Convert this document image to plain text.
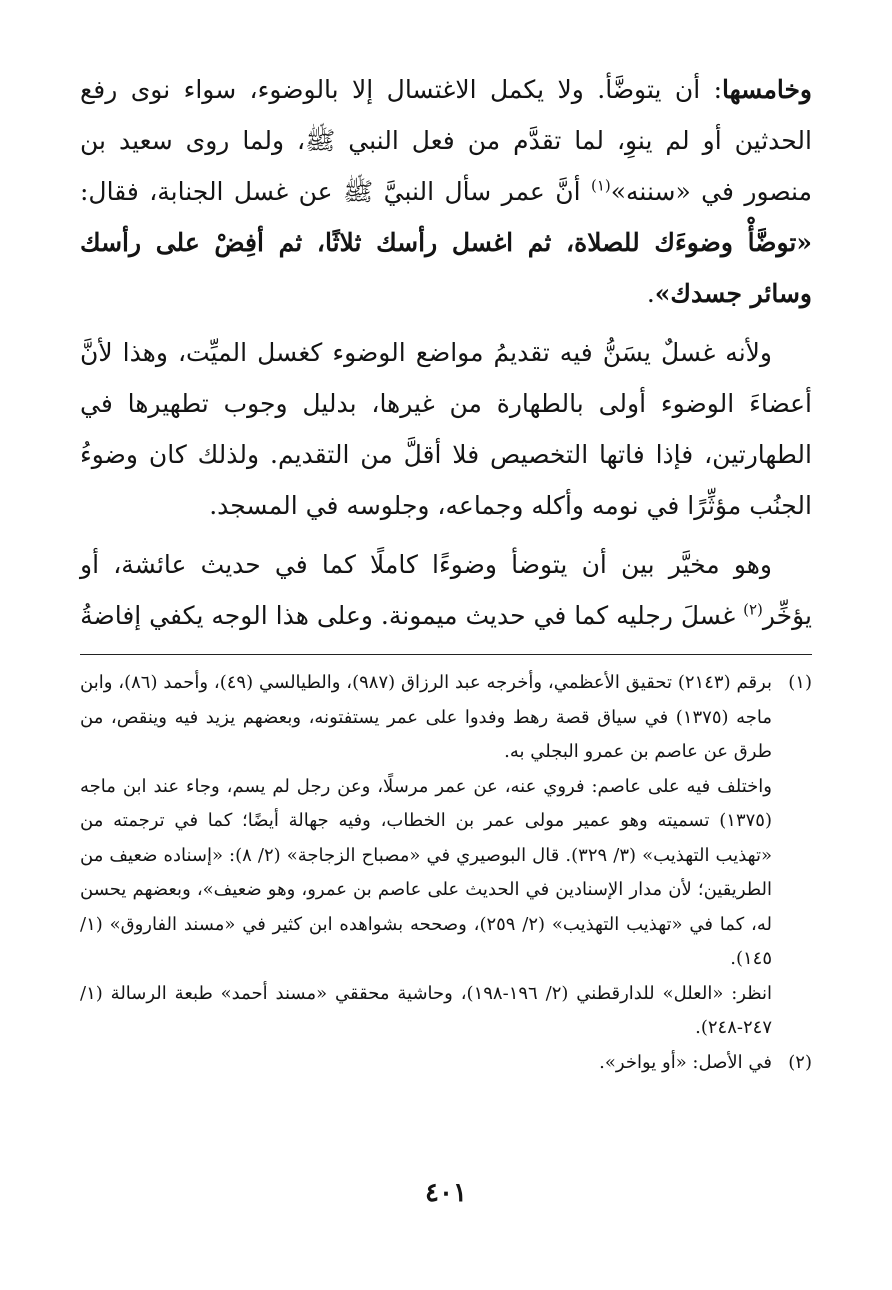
وخامسها: أن يتوضَّأ. ولا يكمل الاغتسال إلا بالوضوء، سواء نوى رفع الحدثين أو لم ينوِ، لما تقدَّم من فعل النبي ﷺ، ولما روى سعيد بن منصور في «سننه»$^{(١)}$ أنَّ عمر سأل النبيَّ ﷺ عن غسل الجنابة، فقال: «توضَّأْ وضوءَك للصلاة، ثم اغسل رأسك ثلاثًا، ثم أفِضْ على رأسك وسائر جسدك».

ولأنه غسلٌ يسَنُّ فيه تقديمُ مواضع الوضوء كغسل الميِّت، وهذا لأنَّ أعضاءَ الوضوء أولى بالطهارة من غيرها، بدليل وجوب تطهيرها في الطهارتين، فإذا فاتها التخصيص فلا أقلَّ من التقديم. ولذلك كان وضوءُ الجنُب مؤثِّرًا في نومه وأكله وجماعه، وجلوسه في المسجد.

وهو مخيَّر بين أن يتوضأ وضوءًا كاملًا كما في حديث عائشة، أو يؤخِّر$^{(٢)}$ غسلَ رجليه كما في حديث ميمونة. وعلى هذا الوجه يكفي إفاضةُ

(١)

برقم (٢١٤٣) تحقيق الأعظمي، وأخرجه عبد الرزاق (٩٨٧)، والطيالسي (٤٩)، وأحمد (٨٦)، وابن ماجه (١٣٧٥) في سياق قصة رهط وفدوا على عمر يستفتونه، وبعضهم يزيد فيه وينقص، من طرق عن عاصم بن عمرو البجلي به.

واختلف فيه على عاصم: فروي عنه، عن عمر مرسلًا، وعن رجل لم يسم، وجاء عند ابن ماجه (١٣٧٥) تسميته وهو عمير مولى عمر بن الخطاب، وفيه جهالة أيضًا؛ كما في ترجمته من «تهذيب التهذيب» (٣/ ٣٢٩). قال البوصيري في «مصباح الزجاجة» (٢/ ٨): «إسناده ضعيف من الطريقين؛ لأن مدار الإسنادين في الحديث على عاصم بن عمرو، وهو ضعيف»، وبعضهم يحسن له، كما في «تهذيب التهذيب» (٢/ ٢٥٩)، وصححه بشواهده ابن كثير في «مسند الفاروق» (١/ ١٤٥).

انظر: «العلل» للدارقطني (٢/ ١٩٦-١٩٨)، وحاشية محققي «مسند أحمد» طبعة الرسالة (١/ ٢٤٧-٢٤٨).

(٢)

في الأصل: «أو يواخر».

٤٠١
